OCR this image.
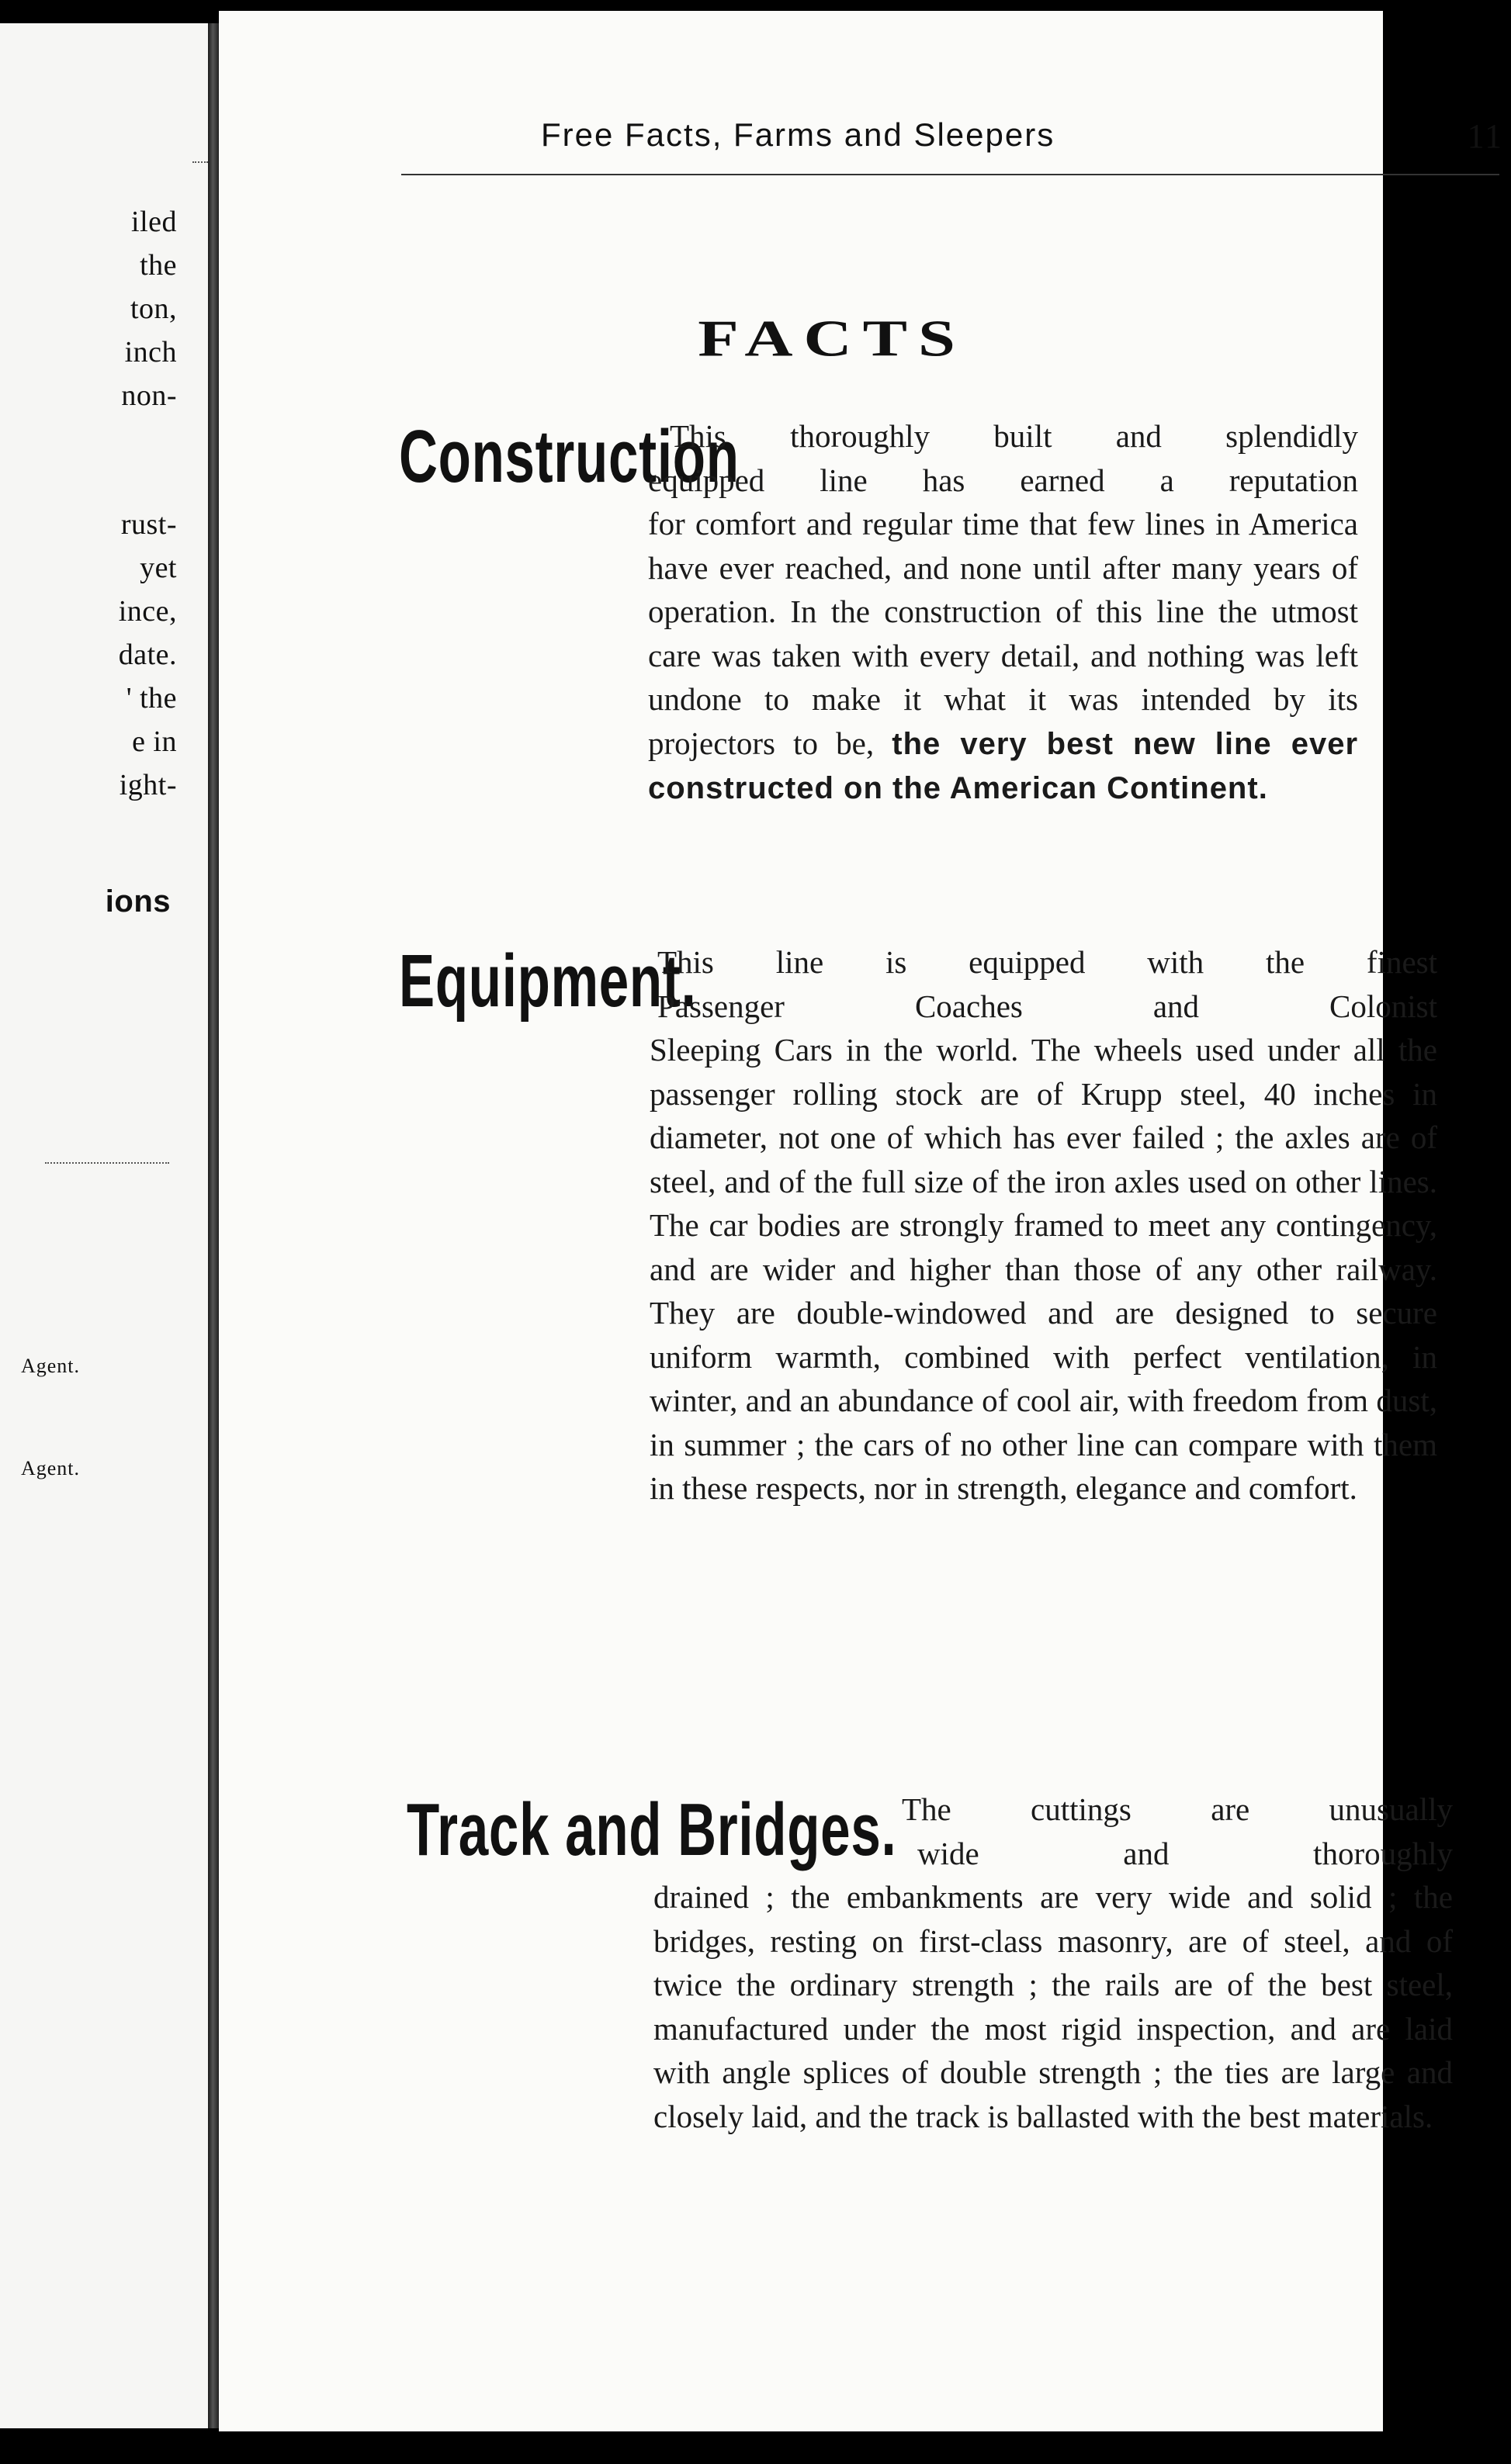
iled
the
ton,
inch
non-
rust-
yet
ince,
date.
' the
e in
ight-
ions
Agent.
Agent.
Free Facts, Farms and Sleepers	11
FACTS
Construction
This thoroughly built and splendidly
equipped line has earned a reputation
for comfort and regular time that few lines in America have ever reached, and none until after many years of operation. In the construction of this line the utmost care was taken with every detail, and nothing was left undone to make it what it was intended by its projectors to be, the very best new line ever constructed on the American Continent.
Equipment.
This line is equipped with the finest
Passenger Coaches and Colonist
Sleeping Cars in the world. The wheels used under all the passenger rolling stock are of Krupp steel, 40 inches in diameter, not one of which has ever failed ; the axles are of steel, and of the full size of the iron axles used on other lines. The car bodies are strongly framed to meet any contingency, and are wider and higher than those of any other railway. They are double-windowed and are designed to secure uniform warmth, combined with perfect ventilation, in winter, and an abundance of cool air, with freedom from dust, in summer ; the cars of no other line can compare with them in these respects, nor in strength, elegance and comfort.
Track and Bridges. The cuttings are unusually
wide and thoroughly
drained ; the embankments are very wide and solid ; the bridges, resting on first-class masonry, are of steel, and of twice the ordinary strength ; the rails are of the best steel, manufactured under the most rigid inspection, and are laid with angle splices of double strength ; the ties are large and closely laid, and the track is ballasted with the best materials.
